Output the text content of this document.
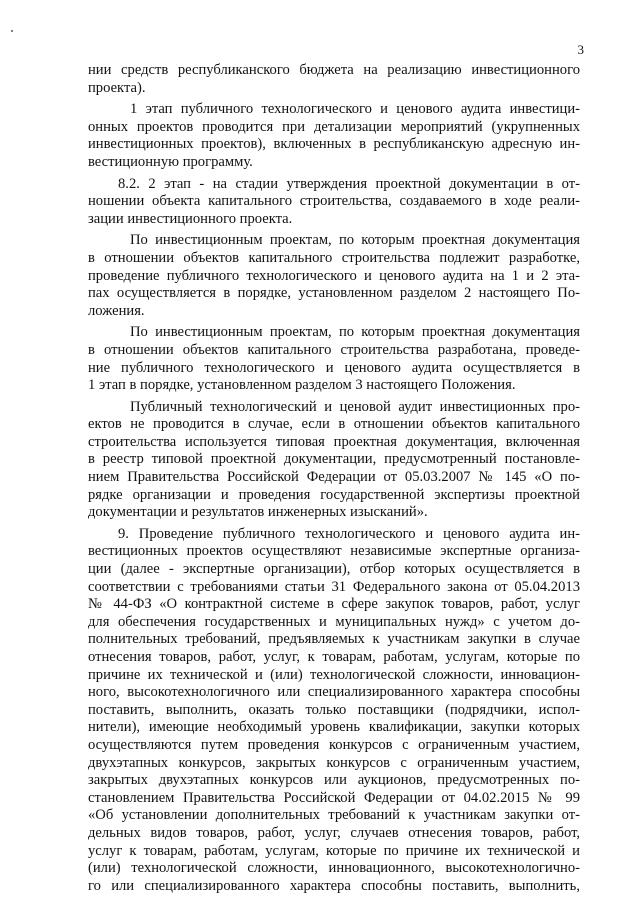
3
нии средств республиканского бюджета на реализацию инвестиционного
проекта).
1 этап публичного технологического и ценового аудита инвестици-
онных проектов проводится при детализации мероприятий (укрупненных
инвестиционных проектов), включенных в республиканскую адресную ин-
вестиционную программу.
8.2. 2 этап - на стадии утверждения проектной документации в от-
ношении объекта капитального строительства, создаваемого в ходе реали-
зации инвестиционного проекта.
По инвестиционным проектам, по которым проектная документация
в отношении объектов капитального строительства подлежит разработке,
проведение публичного технологического и ценового аудита на 1 и 2 эта-
пах осуществляется в порядке, установленном разделом 2 настоящего По-
ложения.
По инвестиционным проектам, по которым проектная документация
в отношении объектов капитального строительства разработана, проведе-
ние публичного технологического и ценового аудита осуществляется в
1 этап в порядке, установленном разделом 3 настоящего Положения.
Публичный технологический и ценовой аудит инвестиционных про-
ектов не проводится в случае, если в отношении объектов капитального
строительства используется типовая проектная документация, включенная
в реестр типовой проектной документации, предусмотренный постановле-
нием Правительства Российской Федерации от 05.03.2007 № 145 «О по-
рядке организации и проведения государственной экспертизы проектной
документации и результатов инженерных изысканий».
9. Проведение публичного технологического и ценового аудита ин-
вестиционных проектов осуществляют независимые экспертные организа-
ции (далее - экспертные организации), отбор которых осуществляется в
соответствии с требованиями статьи 31 Федерального закона от 05.04.2013
№ 44-ФЗ «О контрактной системе в сфере закупок товаров, работ, услуг
для обеспечения государственных и муниципальных нужд» с учетом до-
полнительных требований, предъявляемых к участникам закупки в случае
отнесения товаров, работ, услуг, к товарам, работам, услугам, которые по
причине их технической и (или) технологической сложности, инновацион-
ного, высокотехнологичного или специализированного характера способны
поставить, выполнить, оказать только поставщики (подрядчики, испол-
нители), имеющие необходимый уровень квалификации, закупки которых
осуществляются путем проведения конкурсов с ограниченным участием,
двухэтапных конкурсов, закрытых конкурсов с ограниченным участием,
закрытых двухэтапных конкурсов или аукционов, предусмотренных по-
становлением Правительства Российской Федерации от 04.02.2015 № 99
«Об установлении дополнительных требований к участникам закупки от-
дельных видов товаров, работ, услуг, случаев отнесения товаров, работ,
услуг к товарам, работам, услугам, которые по причине их технической и
(или) технологической сложности, инновационного, высокотехнологично-
го или специализированного характера способны поставить, выполнить,
